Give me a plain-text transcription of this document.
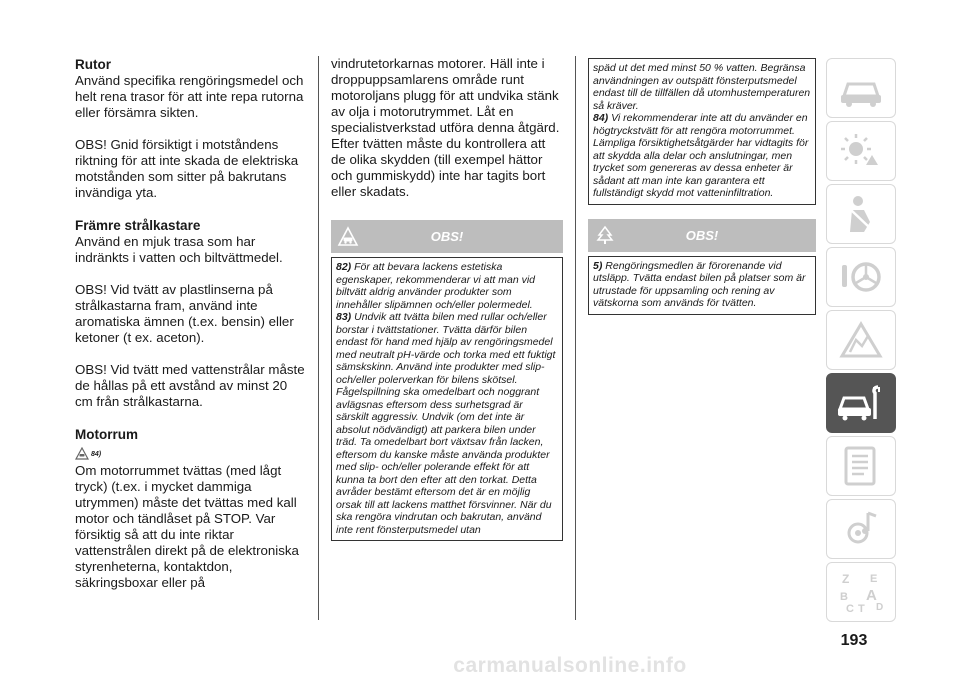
Rutor

Använd specifika rengöringsmedel och helt rena trasor för att inte repa rutorna eller försämra sikten.

OBS! Gnid försiktigt i motståndens riktning för att inte skada de elektriska motstånden som sitter på bakrutans invändiga yta.

Främre strålkastare

Använd en mjuk trasa som har indränkts i vatten och biltvättmedel.

OBS! Vid tvätt av plastlinserna på strålkastarna fram, använd inte aromatiska ämnen (t.ex. bensin) eller ketoner (t ex. aceton).

OBS! Vid tvätt med vattenstrålar måste de hållas på ett avstånd av minst 20 cm från strålkastarna.

Motorrum
84)

Om motorrummet tvättas (med lågt tryck) (t.ex. i mycket dammiga utrymmen) måste det tvättas med kall motor och tändlåset på STOP. Var försiktig så att du inte riktar vattenstrålen direkt på de elektroniska styrenheterna, kontaktdon, säkringsboxar eller på

vindrutetorkarnas motorer. Häll inte i droppuppsamlarens område runt motoroljans plugg för att undvika stänk av olja i motorutrymmet. Låt en specialistverkstad utföra denna åtgärd. Efter tvätten måste du kontrollera att de olika skydden (till exempel hättor och gummiskydd) inte har tagits bort eller skadats.

OBS!
82) För att bevara lackens estetiska egenskaper, rekommenderar vi att man vid biltvätt aldrig använder produkter som innehåller slipämnen och/eller polermedel.
83) Undvik att tvätta bilen med rullar och/eller borstar i tvättstationer. Tvätta därför bilen endast för hand med hjälp av rengöringsmedel med neutralt pH-värde och torka med ett fuktigt sämskskinn. Använd inte produkter med slip- och/eller polerverkan för bilens skötsel. Fågelspillning ska omedelbart och noggrant avlägsnas eftersom dess surhetsgrad är särskilt aggressiv. Undvik (om det inte är absolut nödvändigt) att parkera bilen under träd. Ta omedelbart bort växtsav från lacken, eftersom du kanske måste använda produkter med slip- och/eller polerande effekt för att kunna ta bort den efter att den torkat. Detta avråder bestämt eftersom det är en möjlig orsak till att lackens matthet försvinner. När du ska rengöra vindrutan och bakrutan, använd inte rent fönsterputsmedel utan
späd ut det med minst 50 % vatten. Begränsa användningen av outspätt fönsterputsmedel endast till de tillfällen då utomhustemperaturen så kräver.
84) Vi rekommenderar inte att du använder en högtryckstvätt för att rengöra motorrummet. Lämpliga försiktighetsåtgärder har vidtagits för att skydda alla delar och anslutningar, men trycket som genereras av dessa enheter är sådant att man inte kan garantera ett fullständigt skydd mot vatteninfiltration.
OBS!
5) Rengöringsmedlen är förorenande vid utsläpp. Tvätta endast bilen på platser som är utrustade för uppsamling och rening av vätskorna som används för tvätten.
Z E
B A
C T D
193
carmanualsonline.info
